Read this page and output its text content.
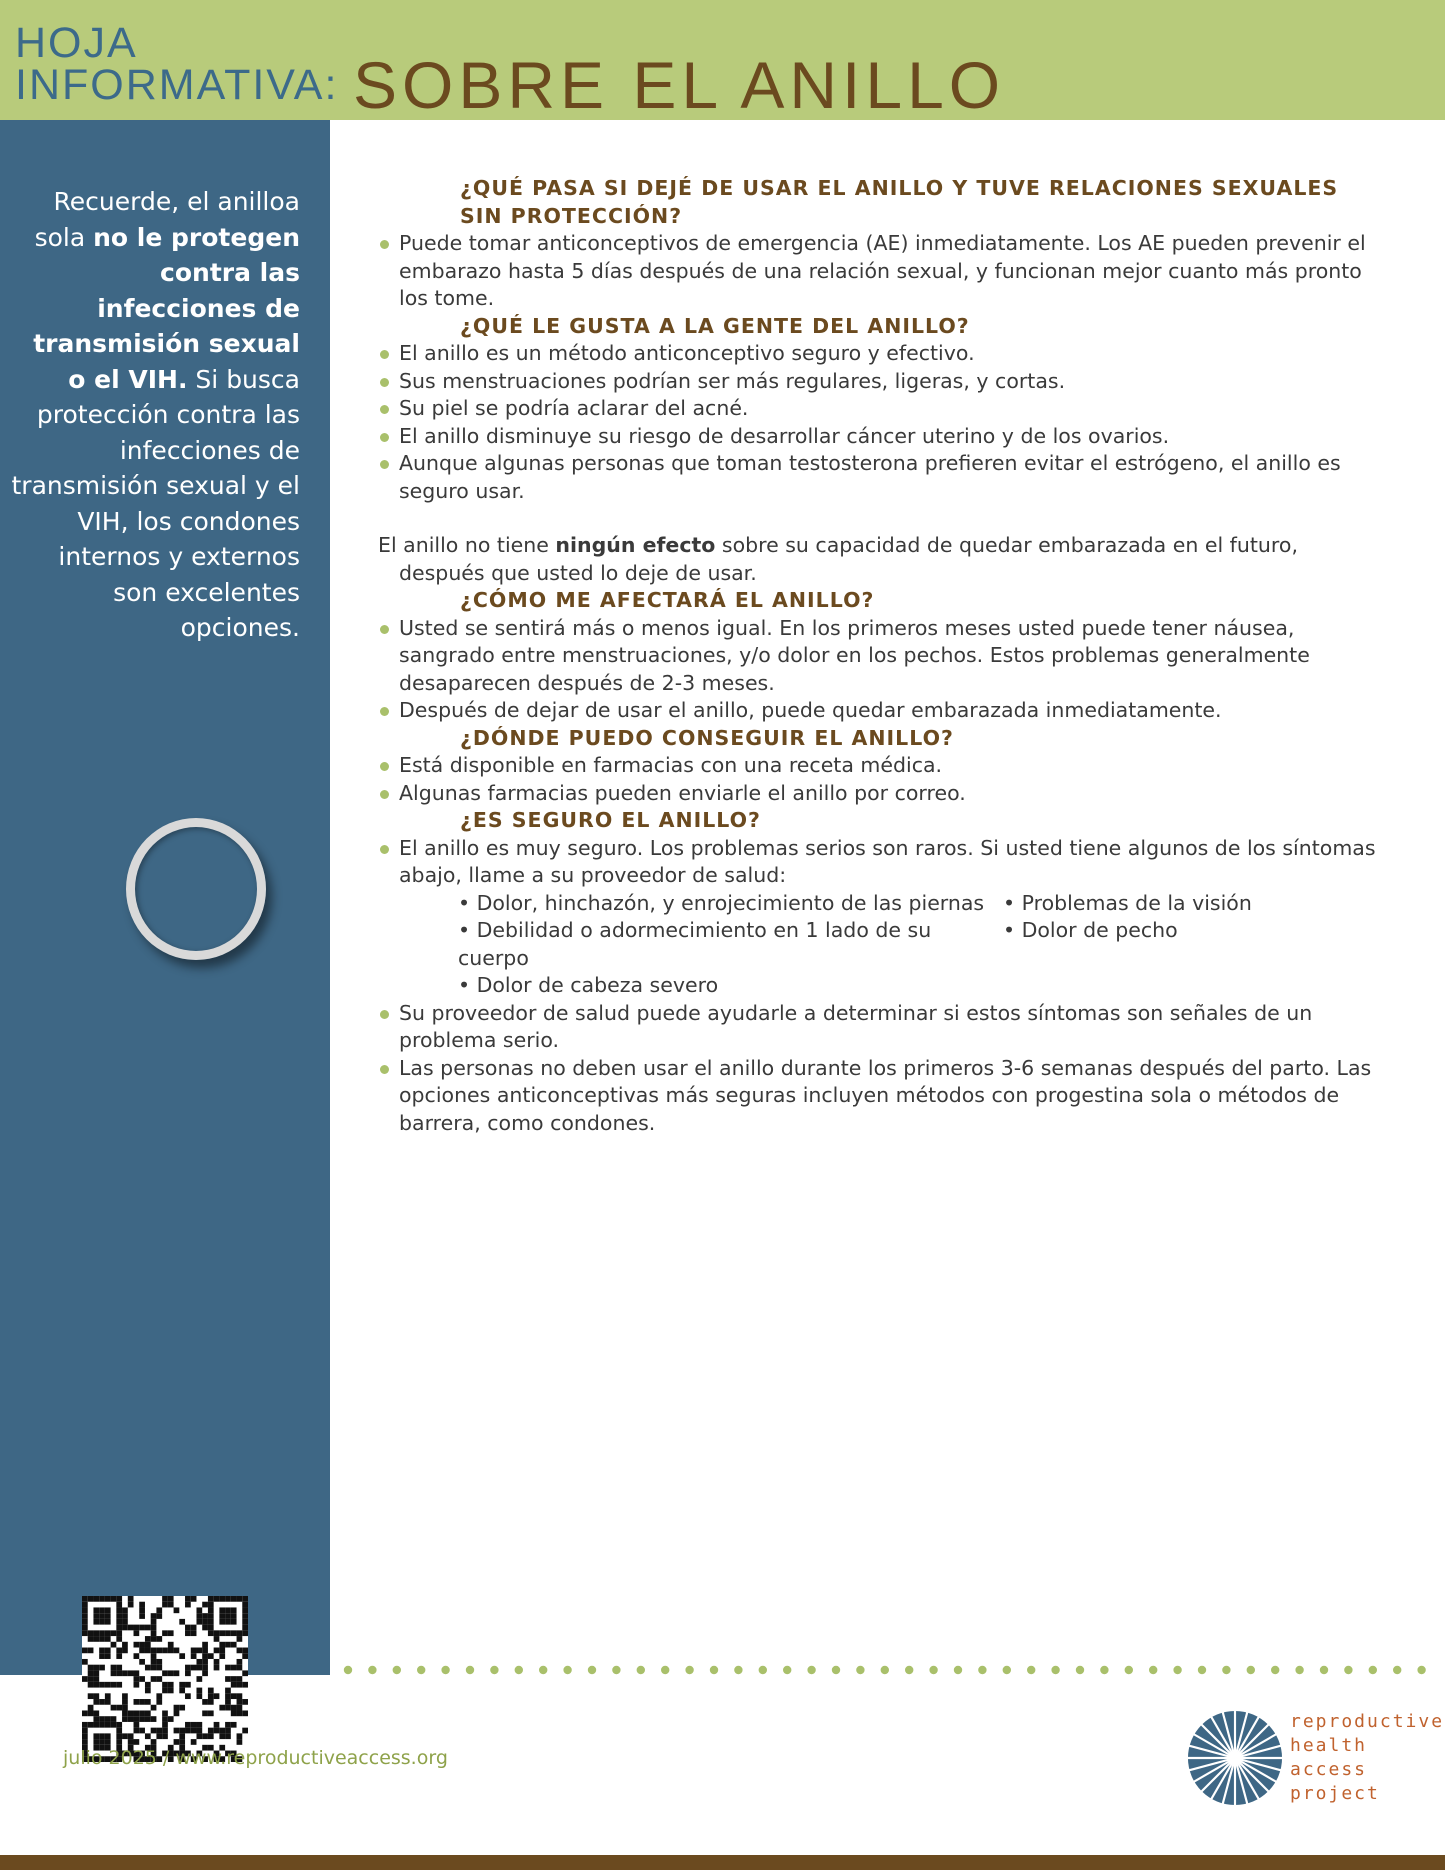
HOJA
INFORMATIVA: SOBRE EL ANILLO
Recuerde, el anilloa sola no le protegen contra las infecciones de transmisión sexual o el VIH. Si busca protección contra las infecciones de transmisión sexual y el VIH, los condones internos y externos son excelentes opciones.
¿QUÉ PASA SI DEJÉ DE USAR EL ANILLO Y TUVE RELACIONES SEXUALES SIN PROTECCIÓN?
Puede tomar anticonceptivos de emergencia (AE) inmediatamente. Los AE pueden prevenir el embarazo hasta 5 días después de una relación sexual, y funcionan mejor cuanto más pronto los tome.
¿QUÉ LE GUSTA A LA GENTE DEL ANILLO?
El anillo es un método anticonceptivo seguro y efectivo.
Sus menstruaciones podrían ser más regulares, ligeras, y cortas.
Su piel se podría aclarar del acné.
El anillo disminuye su riesgo de desarrollar cáncer uterino y de los ovarios.
Aunque algunas personas que toman testosterona prefieren evitar el estrógeno, el anillo es seguro usar.
El anillo no tiene ningún efecto sobre su capacidad de quedar embarazada en el futuro, después que usted lo deje de usar.
¿CÓMO ME AFECTARÁ EL ANILLO?
Usted se sentirá más o menos igual. En los primeros meses usted puede tener náusea, sangrado entre menstruaciones, y/o dolor en los pechos. Estos problemas generalmente desaparecen después de 2-3 meses.
Después de dejar de usar el anillo, puede quedar embarazada inmediatamente.
¿DÓNDE PUEDO CONSEGUIR EL ANILLO?
Está disponible en farmacias con una receta médica.
Algunas farmacias pueden enviarle el anillo por correo.
¿ES SEGURO EL ANILLO?
El anillo es muy seguro. Los problemas serios son raros. Si usted tiene algunos de los síntomas abajo, llame a su proveedor de salud:
• Dolor, hinchazón, y enrojecimiento de las piernas
• Debilidad o adormecimiento en 1 lado de su cuerpo
• Dolor de cabeza severo
• Problemas de la visión
• Dolor de pecho
Su proveedor de salud puede ayudarle a determinar si estos síntomas son señales de un problema serio.
Las personas no deben usar el anillo durante los primeros 3-6 semanas después del parto. Las opciones anticonceptivas más seguras incluyen métodos con progestina sola o métodos de barrera, como condones.
julio 2025 / www.reproductiveaccess.org
reproductive
health
access
project
